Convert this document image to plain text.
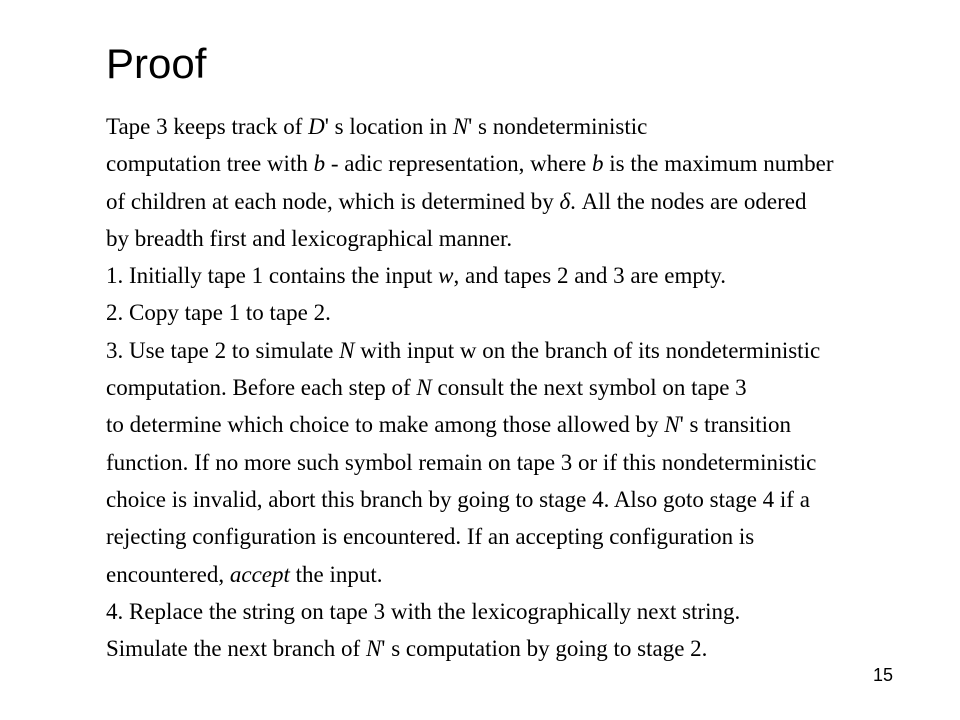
Proof
Tape 3 keeps track of D' s location in N' s nondeterministic
computation tree with b - adic representation, where b is the maximum number
of children at each node, which is determined by δ. All the nodes are odered
by breadth first and lexicographical manner.
1. Initially tape 1 contains the input w, and tapes 2 and 3 are empty.
2. Copy tape 1 to tape 2.
3. Use tape 2 to simulate N with input w on the branch of its nondeterministic
computation. Before each step of N consult the next symbol on tape 3
to determine which choice to make among those allowed by N' s transition
function. If no more such symbol remain on tape 3 or if this nondeterministic
choice is invalid, abort this branch by going to stage 4. Also goto stage 4 if a
rejecting configuration is encountered. If an accepting configuration is
encountered, accept the input.
4. Replace the string on tape 3 with the lexicographically next string.
Simulate the next branch of N' s computation by going to stage 2.
15
